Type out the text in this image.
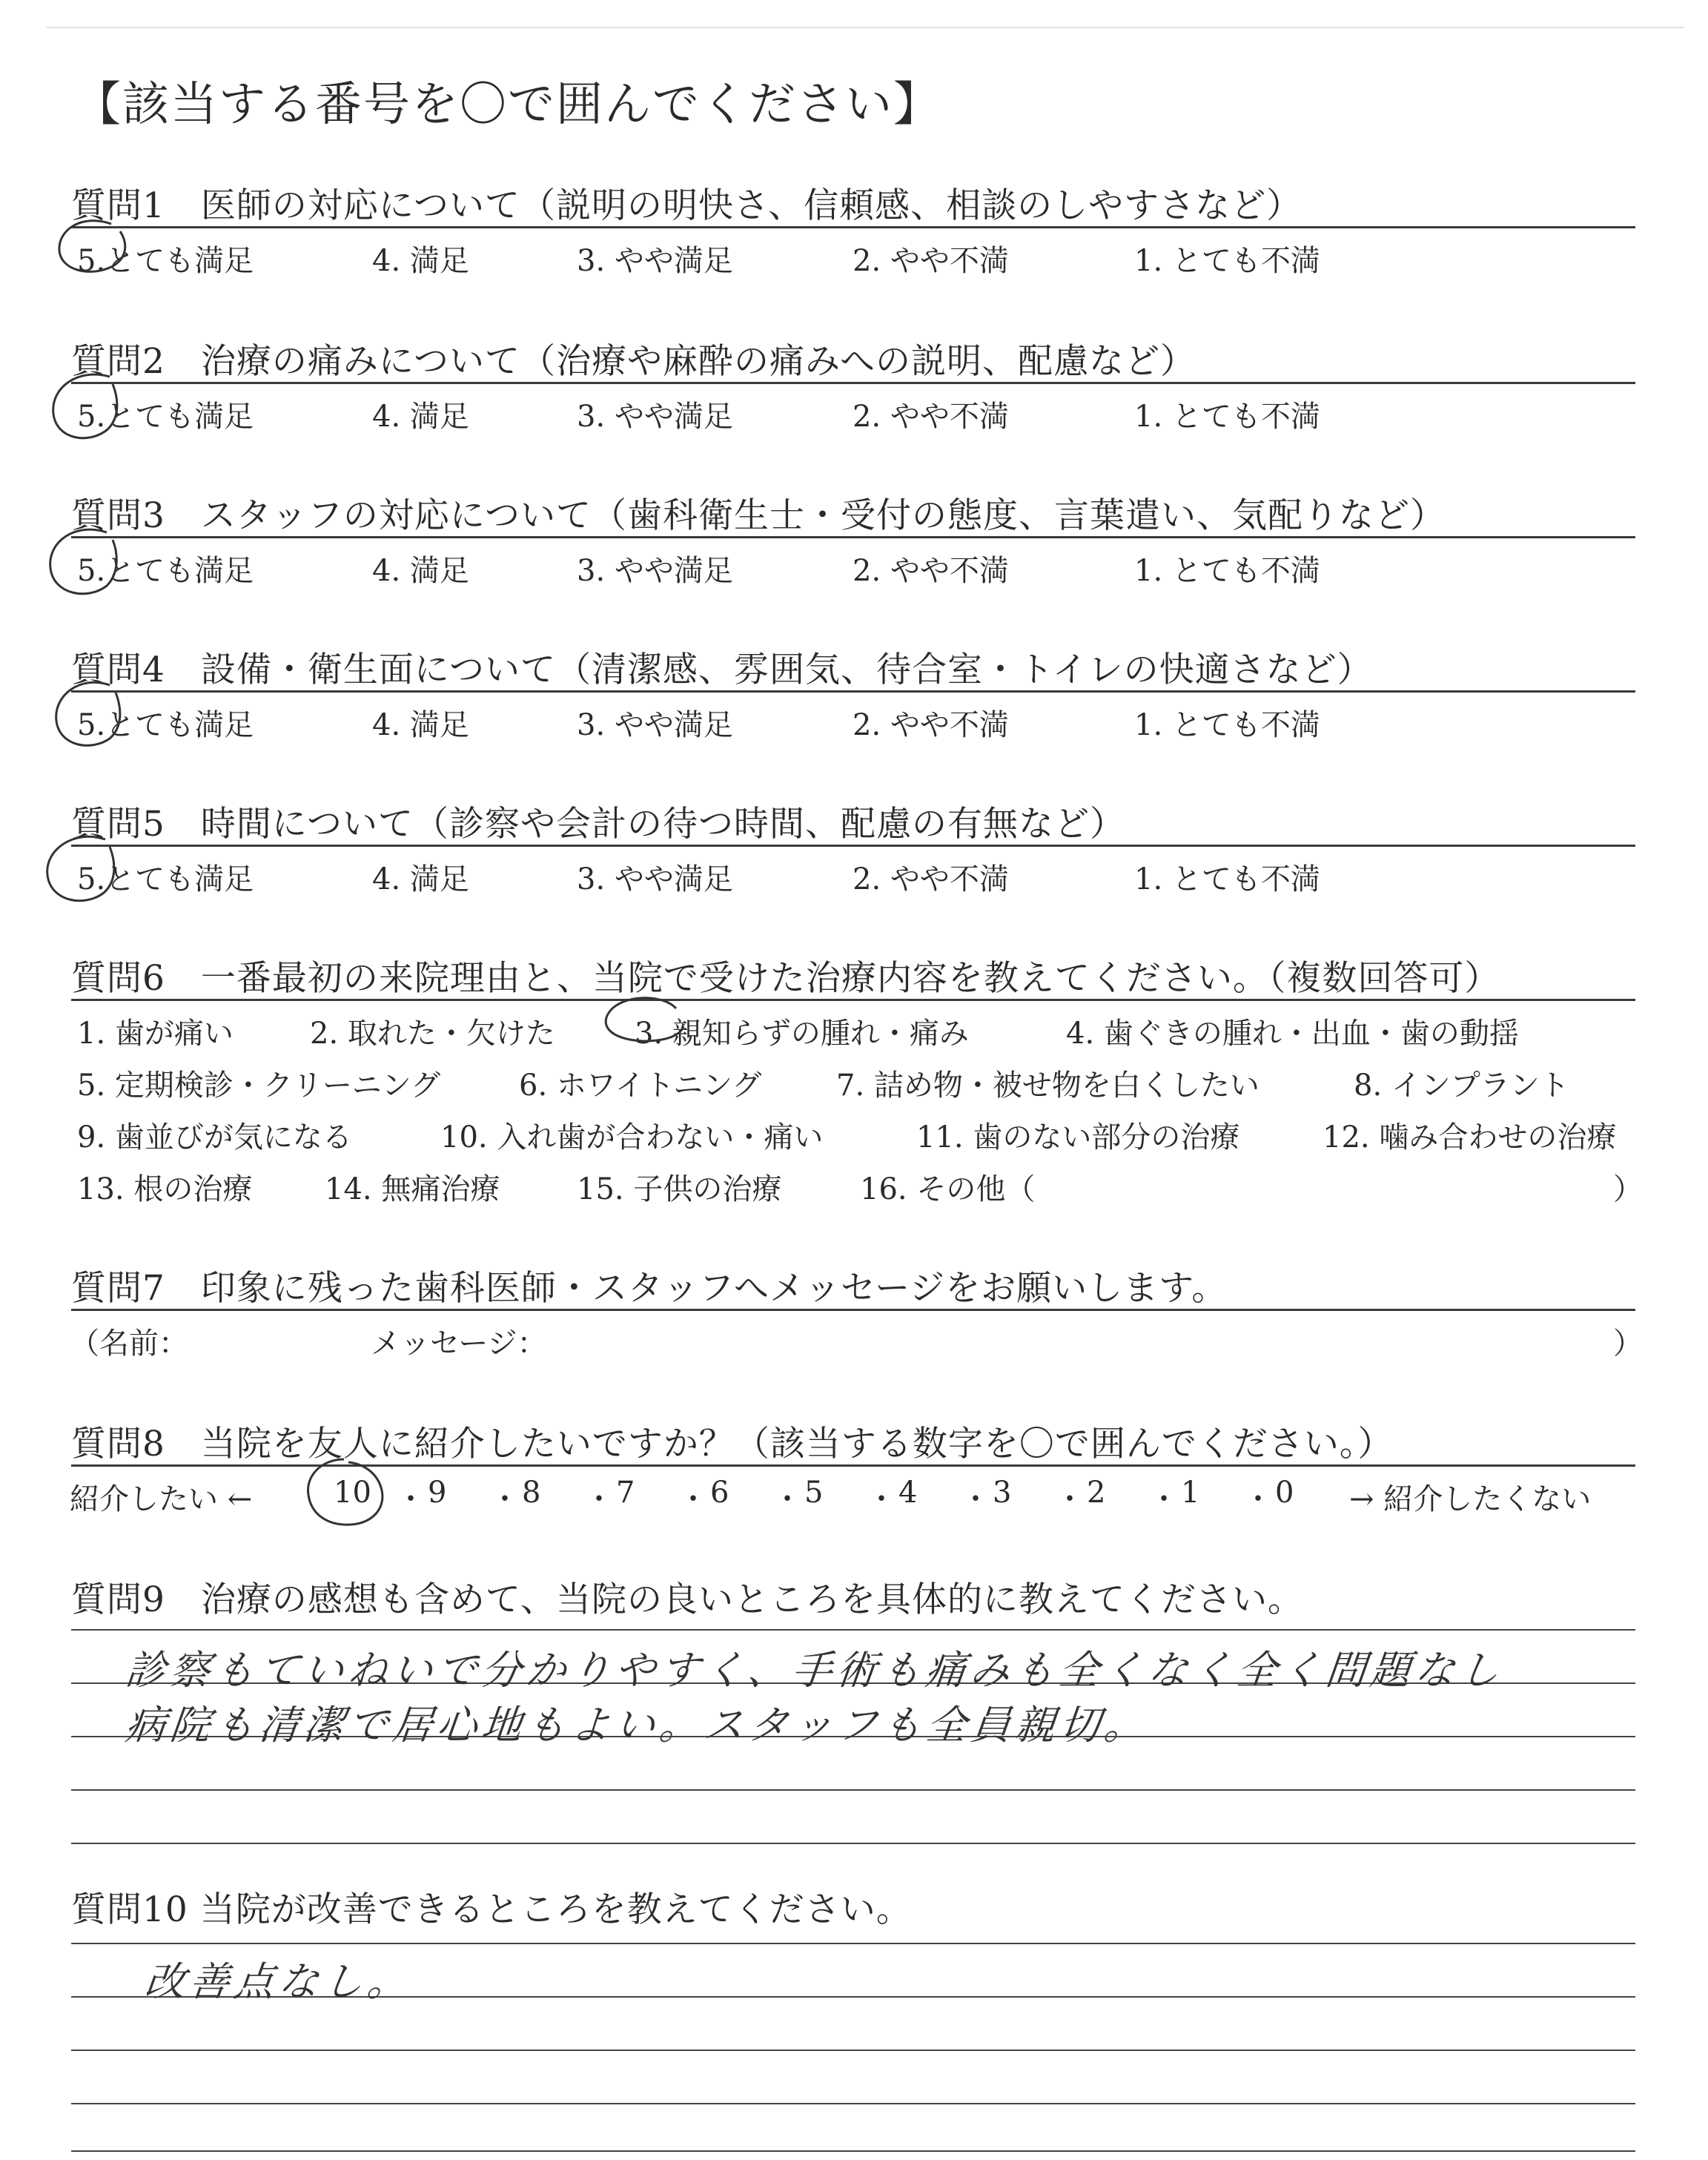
【該当する番号を〇で囲んでください】
質問1　医師の対応について（説明の明快さ、信頼感、相談のしやすさなど）
5.とても満足	4. 満足	3. やや満足	2. やや不満	1. とても不満
質問2　治療の痛みについて（治療や麻酔の痛みへの説明、配慮など）
5.とても満足	4. 満足	3. やや満足	2. やや不満	1. とても不満
質問3　スタッフの対応について（歯科衛生士・受付の態度、言葉遣い、気配りなど）
5.とても満足	4. 満足	3. やや満足	2. やや不満	1. とても不満
質問4　設備・衛生面について（清潔感、雰囲気、待合室・トイレの快適さなど）
5.とても満足	4. 満足	3. やや満足	2. やや不満	1. とても不満
質問5　時間について（診察や会計の待つ時間、配慮の有無など）
5.とても満足	4. 満足	3. やや満足	2. やや不満	1. とても不満
質問6　一番最初の来院理由と、当院で受けた治療内容を教えてください。（複数回答可）
1. 歯が痛い	2. 取れた・欠けた	3. 親知らずの腫れ・痛み	4. 歯ぐきの腫れ・出血・歯の動揺
5. 定期検診・クリーニング	6. ホワイトニング	7. 詰め物・被せ物を白くしたい	8. インプラント
9. 歯並びが気になる	10. 入れ歯が合わない・痛い	11. 歯のない部分の治療	12. 噛み合わせの治療
13. 根の治療 14. 無痛治療	15. 子供の治療	16. その他（	）
質問7　印象に残った歯科医師・スタッフへメッセージをお願いします。
（名前：	メッセージ：	）
質問8　当院を友人に紹介したいですか？（該当する数字を〇で囲んでください。）
紹介したい ←	→ 紹介したくない
10 ・ 9 ・ 8 ・ 7 ・ 6 ・ 5 ・ 4 ・ 3 ・ 2 ・ 1 ・ 0
質問9　治療の感想も含めて、当院の良いところを具体的に教えてください。
診察もていねいで分かりやすく、手術も痛みも全くなく全く問題なし
病院も清潔で居心地もよい。スタッフも全員親切。
質問10 当院が改善できるところを教えてください。
改善点なし。
